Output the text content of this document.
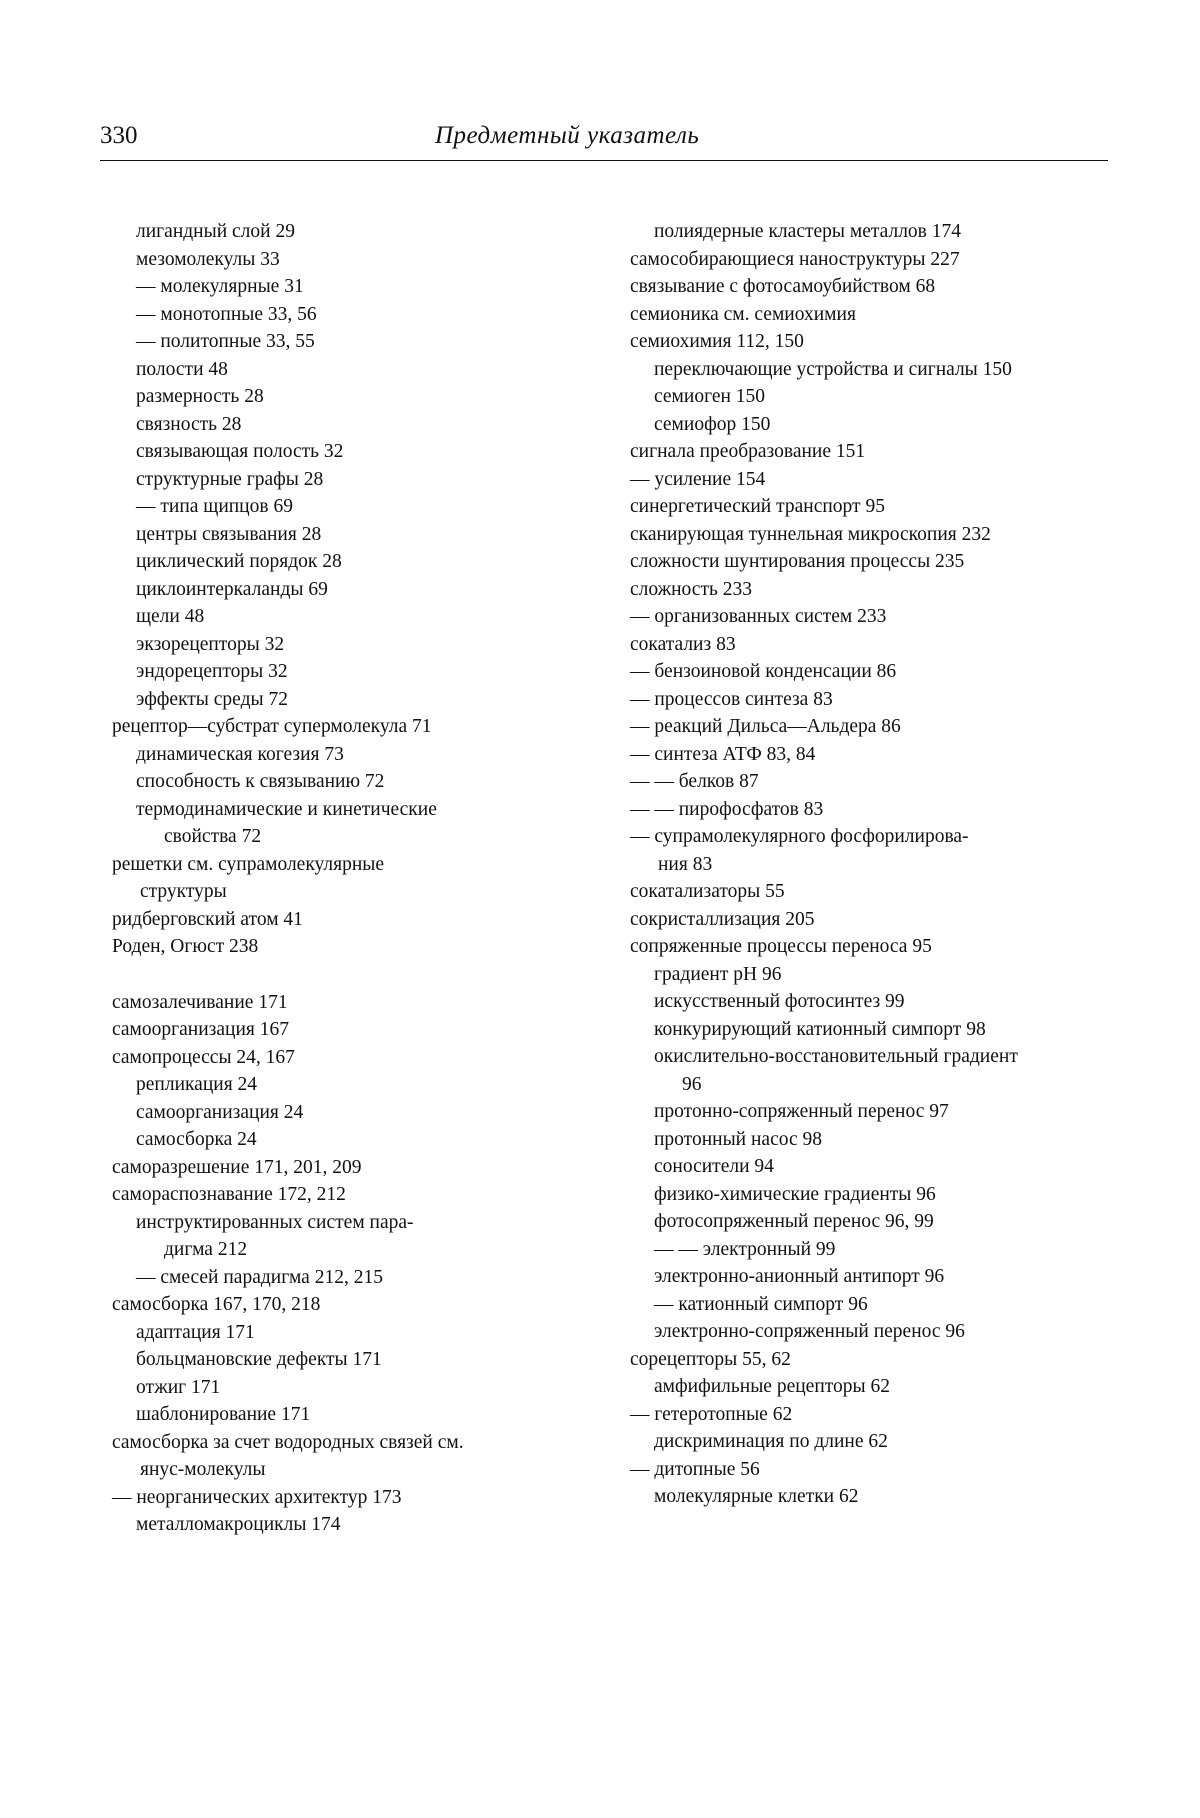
330	Предметный указатель
лигандный слой 29
мезомолекулы 33
— молекулярные 31
— монотопные 33, 56
— политопные 33, 55
полости 48
размерность 28
связность 28
связывающая полость 32
структурные графы 28
— типа щипцов 69
центры связывания 28
циклический порядок 28
циклоинтеркаланды 69
щели 48
экзорецепторы 32
эндорецепторы 32
эффекты среды 72
рецептор—субстрат супермолекула 71
динамическая когезия 73
способность к связыванию 72
термодинамические и кинетические
свойства 72
решетки см. супрамолекулярные
структуры
ридберговский атом 41
Роден, Огюст 238
самозалечивание 171
самоорганизация 167
самопроцессы 24, 167
репликация 24
самоорганизация 24
самосборка 24
саморазрешение 171, 201, 209
самораспознавание 172, 212
инструктированных систем пара-
дигма 212
— смесей парадигма 212, 215
самосборка 167, 170, 218
адаптация 171
больцмановские дефекты 171
отжиг 171
шаблонирование 171
самосборка за счет водородных связей см.
янус-молекулы
— неорганических архитектур 173
металломакроциклы 174
полиядерные кластеры металлов 174
самособирающиеся наноструктуры 227
связывание с фотосамоубийством 68
семионика см. семиохимия
семиохимия 112, 150
переключающие устройства и сигналы 150
семиоген 150
семиофор 150
сигнала преобразование 151
— усиление 154
синергетический транспорт 95
сканирующая туннельная микроскопия 232
сложности шунтирования процессы 235
сложность 233
— организованных систем 233
сокатализ 83
— бензоиновой конденсации 86
— процессов синтеза 83
— реакций Дильса—Альдера 86
— синтеза АТФ 83, 84
— — белков 87
— — пирофосфатов 83
— супрамолекулярного фосфорилирова-
ния 83
сокатализаторы 55
сокристаллизация 205
сопряженные процессы переноса 95
градиент pH 96
искусственный фотосинтез 99
конкурирующий катионный симпорт 98
окислительно-восстановительный градиент
96
протонно-сопряженный перенос 97
протонный насос 98
соносители 94
физико-химические градиенты 96
фотосопряженный перенос 96, 99
— — электронный 99
электронно-анионный антипорт 96
— катионный симпорт 96
электронно-сопряженный перенос 96
сорецепторы 55, 62
амфифильные рецепторы 62
— гетеротопные 62
дискриминация по длине 62
— дитопные 56
молекулярные клетки 62
